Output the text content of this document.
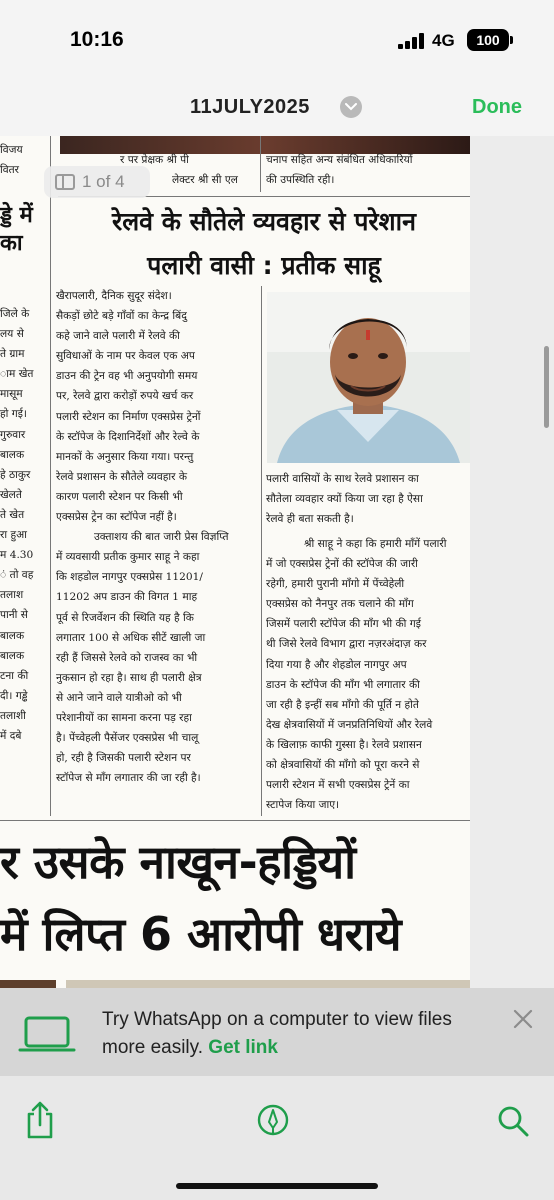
10:16	4G	100
11JULY2025	Done
विजय
वितर
र पर प्रेक्षक श्री पी
लेक्टर श्री सी एल
चनाप सहित अन्य संबंधित अधिकारियों
की उपस्थिति रही।
ड्डे में
का
जिले के
लय से
ते ग्राम
ाम खेत
मासूम
हो गई।
गुरुवार
बालक
हे ठाकुर
खेलते
ते खेत
रा हुआ
म 4.30
ं तो वह
तलाश
पानी से
बालक
बालक
टना की
दी। गड्ढे
तलाशी
में दबे
1 of 4
रेलवे के सौतेले व्यवहार से परेशान
पलारी वासी : प्रतीक साहू
खैरापलारी, दैनिक सुदूर संदेश।
सैकड़ों छोटे बड़े गाँवों का केन्द्र बिंदु
कहे जाने वाले पलारी में रेलवे की
सुविधाओं के नाम पर केवल एक अप
डाउन की ट्रेन वह भी अनुपयोगी समय
पर, रेलवे द्वारा करोड़ों रुपये खर्च कर
पलारी स्टेशन का निर्माण एक्सप्रेस ट्रेनों
के स्टॉपेज के दिशानिर्देशों और रेल्वे के
मानकों के अनुसार किया गया। परन्तु
रेलवे प्रशासन के सौतेले व्यवहार के
कारण पलारी स्टेशन पर किसी भी
एक्सप्रेस ट्रेन का स्टॉपेज नहीं है।
उक्ताशय की बात जारी प्रेस विज्ञप्ति
में व्यवसायी प्रतीक कुमार साहू ने कहा
कि शहडोल नागपुर एक्सप्रेस 11201/
11202 अप डाउन की विगत 1 माह
पूर्व से रिजर्वेशन की स्थिति यह है कि
लगातार 100 से अधिक सीटें खाली जा
रही हैं जिससे रेलवे को राजस्व का भी
नुकसान हो रहा है। साथ ही पलारी क्षेत्र
से आने जाने वाले यात्रीओ को भी
परेशानीयों का सामना करना पड़ रहा
है। पेंच्वेहली पैसेंजर एक्सप्रेस भी चालू
हो, रही है जिसकी पलारी स्टेशन पर
स्टॉपेज से माँग लगातार की जा रही है।
पलारी वासियों के साथ रेलवे प्रशासन का
सौतेला व्यवहार क्यों किया जा रहा है ऐसा
रेलवे ही बता सकती है।
श्री साहू ने कहा कि हमारी माँगें पलारी
में जो एक्सप्रेस ट्रेनों की स्टॉपेज की जारी
रहेगी, हमारी पुरानी माँगो में पेंच्वेहेली
एक्सप्रेस को नैनपुर तक चलाने की माँग
जिसमें पलारी स्टॉपेज की माँग भी की गई
थी जिसे रेलवे विभाग द्वारा नज़रअंदाज़ कर
दिया गया है और शेहडोल नागपुर अप
डाउन के स्टॉपेज की माँग भी लगातार की
जा रही है इन्हीं सब माँगो की पूर्ति न होते
देख क्षेत्रवासियों में जनप्रतिनिधियों और रेलवे
के खिलाफ़ काफी गुस्सा है। रेलवे प्रशासन
को क्षेत्रवासियों की माँगो को पूरा करने से
पलारी स्टेशन में सभी एक्सप्रेस ट्रेनें का
स्टापेज किया जाए।
र उसके नाखून-हड्डियों
में लिप्त 6 आरोपी धराये
Try WhatsApp on a computer to view files more easily. Get link
